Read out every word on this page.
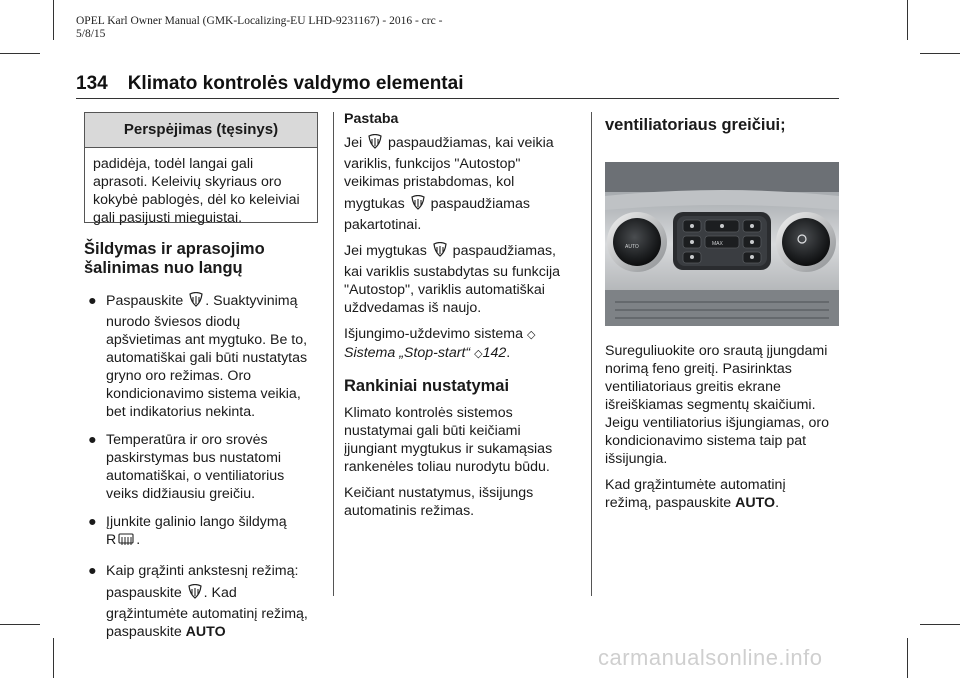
OPEL Karl Owner Manual (GMK-Localizing-EU LHD-9231167) - 2016 - crc -
5/8/15
134 Klimato kontrolės valdymo elementai
Perspėjimas (tęsinys)
padidėja, todėl langai gali
aprasoti. Keleivių skyriaus oro
kokybė pablogės, dėl ko keleiviai
gali pasijusti mieguistai.
Šildymas ir aprasojimo
šalinimas nuo langų
● Paspauskite . Suaktyvinimą
nurodo šviesos diodų
apšvietimas ant mygtuko. Be to,
automatiškai gali būti nustatytas
gryno oro režimas. Oro
kondicionavimo sistema veikia,
bet indikatorius nekinta.
● Temperatūra ir oro srovės
paskirstymas bus nustatomi
automatiškai, o ventiliatorius
veiks didžiausiu greičiu.
● Įjunkite galinio lango šildymą
R .
● Kaip grąžinti ankstesnį režimą:
paspauskite . Kad
grąžintumėte automatinį režimą,
paspauskite AUTO
Pastaba

Jei  paspaudžiamas, kai veikia
variklis, funkcijos "Autostop"
veikimas pristabdomas, kol
mygtukas  paspaudžiamas
pakartotinai.

Jei mygtukas  paspaudžiamas,
kai variklis sustabdytas su funkcija
"Autostop", variklis automatiškai
uždvedamas iš naujo.

Išjungimo-uždevimo sistema ◇
Sistema „Stop-start“ ◇142.

Rankiniai nustatymai

Klimato kontrolės sistemos
nustatymai gali būti keičiami
įjungiant mygtukus ir sukamąsias
rankenėles toliau nurodytu būdu.

Keičiant nustatymus, išsijungs
automatinis režimas.

ventiliatoriaus greičiui;
AUTO	MAX

Sureguliuokite oro srautą įjungdami
norimą feno greitį. Pasirinktas
ventiliatoriaus greitis ekrane
išreiškiamas segmentų skaičiumi.
Jeigu ventiliatorius išjungiamas, oro
kondicionavimo sistema taip pat
išsijungia.

Kad grąžintumėte automatinį
režimą, paspauskite AUTO.

carmanualsonline.info
